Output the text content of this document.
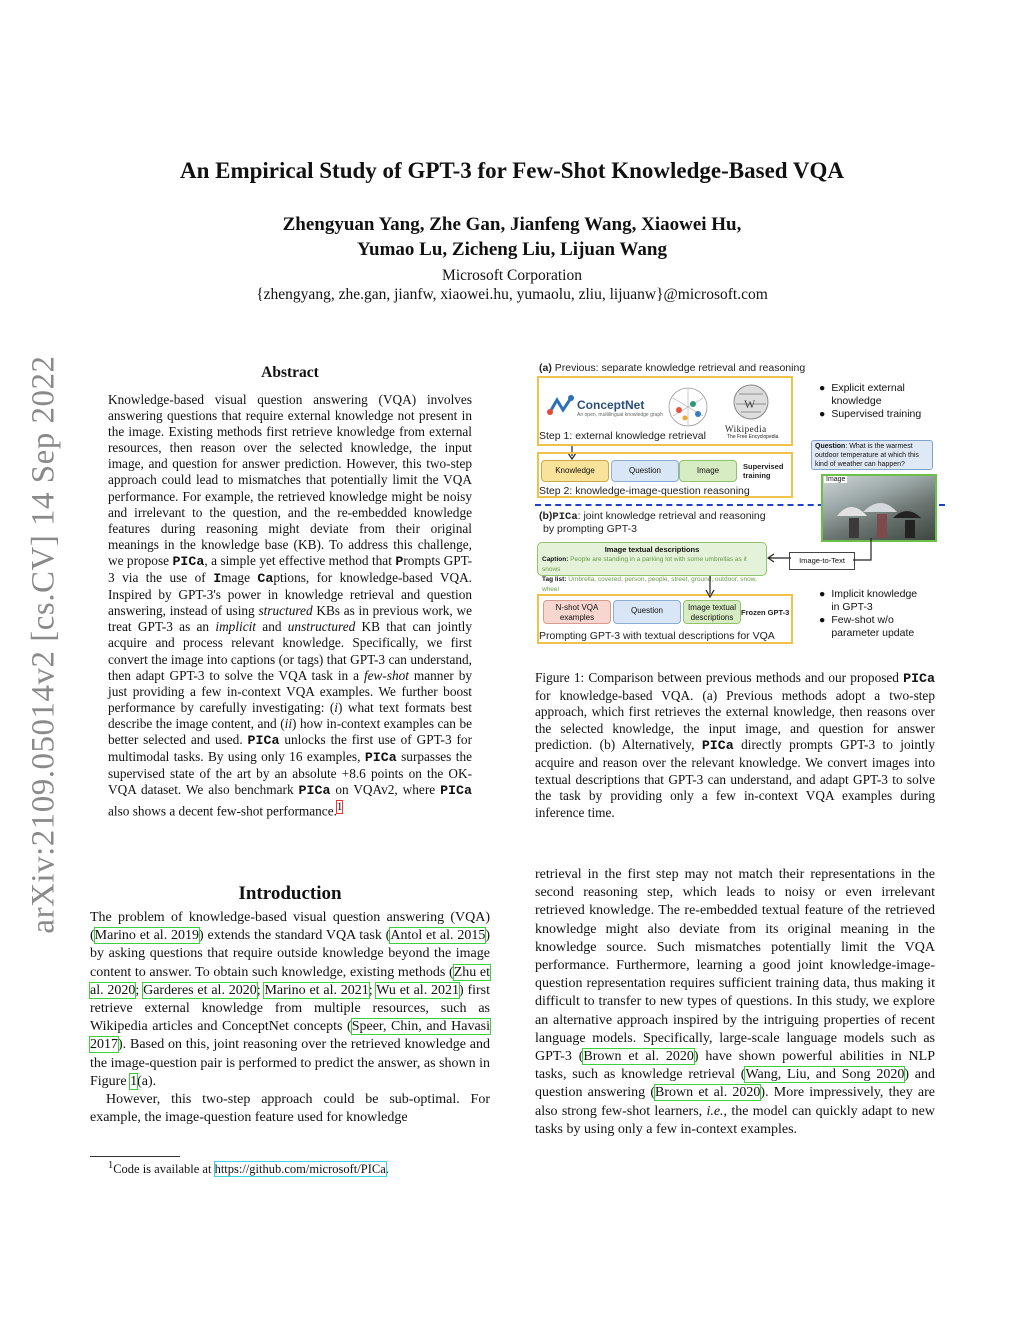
An Empirical Study of GPT-3 for Few-Shot Knowledge-Based VQA
Zhengyuan Yang, Zhe Gan, Jianfeng Wang, Xiaowei Hu,
Yumao Lu, Zicheng Liu, Lijuan Wang
Microsoft Corporation
{zhengyang, zhe.gan, jianfw, xiaowei.hu, yumaolu, zliu, lijuanw}@microsoft.com
arXiv:2109.05014v2 [cs.CV] 14 Sep 2022	Abstract

Knowledge-based visual question answering (VQA) involves answering questions that require external knowledge not present in the image. Existing methods first retrieve knowledge from external resources, then reason over the selected knowledge, the input image, and question for answer prediction. However, this two-step approach could lead to mismatches that potentially limit the VQA performance. For example, the retrieved knowledge might be noisy and irrelevant to the question, and the re-embedded knowledge features during reasoning might deviate from their original meanings in the knowledge base (KB). To address this challenge, we propose PICa, a simple yet effective method that Prompts GPT-3 via the use of Image Captions, for knowledge-based VQA. Inspired by GPT-3's power in knowledge retrieval and question answering, instead of using structured KBs as in previous work, we treat GPT-3 as an implicit and unstructured KB that can jointly acquire and process relevant knowledge. Specifically, we first convert the image into captions (or tags) that GPT-3 can understand, then adapt GPT-3 to solve the VQA task in a few-shot manner by just providing a few in-context VQA examples. We further boost performance by carefully investigating: (i) what text formats best describe the image content, and (ii) how in-context examples can be better selected and used. PICa unlocks the first use of GPT-3 for multimodal tasks. By using only 16 examples, PICa surpasses the supervised state of the art by an absolute +8.6 points on the OK-VQA dataset. We also benchmark PICa on VQAv2, where PICa also shows a decent few-shot performance.$^1$

Introduction

The problem of knowledge-based visual question answering (VQA) (Marino et al. 2019) extends the standard VQA task (Antol et al. 2015) by asking questions that require outside knowledge beyond the image content to answer. To obtain such knowledge, existing methods (Zhu et al. 2020; Garderes et al. 2020; Marino et al. 2021; Wu et al. 2021) first retrieve external knowledge from multiple resources, such as Wikipedia articles and ConceptNet concepts (Speer, Chin, and Havasi 2017). Based on this, joint reasoning over the retrieved knowledge and the image-question pair is performed to predict the answer, as shown in Figure 1(a).

However, this two-step approach could be sub-optimal. For example, the image-question feature used for knowledge

$^1$Code is available at https://github.com/microsoft/PICa.
(a) Previous: separate knowledge retrieval and reasoning
ConceptNet
An open, multilingual knowledge graph
W
Wikipedia
The Free Encyclopedia
Step 1: external knowledge retrieval
Knowledge	Question	Image	Supervised training
Step 2: knowledge-image-question reasoning
● Explicit external knowledge
● Supervised training
Question: What is the warmest outdoor temperature at which this kind of weather can happen?
Image
(b)PICa: joint knowledge retrieval and reasoning
by prompting GPT-3
Image textual descriptions
Caption: People are standing in a parking lot with some umbrellas as it snows
Tag list: Umbrella, covered, person, people, street, ground, outdoor, snow, wheel
Image-to-Text
N-shot VQA examples
Question	Image textual descriptions
Frozen GPT-3
Prompting GPT-3 with textual descriptions for VQA
● Implicit knowledge in GPT-3
● Few-shot w/o parameter update

Figure 1: Comparison between previous methods and our proposed PICa for knowledge-based VQA. (a) Previous methods adopt a two-step approach, which first retrieves the external knowledge, then reasons over the selected knowledge, the input image, and question for answer prediction. (b) Alternatively, PICa directly prompts GPT-3 to jointly acquire and reason over the relevant knowledge. We convert images into textual descriptions that GPT-3 can understand, and adapt GPT-3 to solve the task by providing only a few in-context VQA examples during inference time.

retrieval in the first step may not match their representations in the second reasoning step, which leads to noisy or even irrelevant retrieved knowledge. The re-embedded textual feature of the retrieved knowledge might also deviate from its original meaning in the knowledge source. Such mismatches potentially limit the VQA performance. Furthermore, learning a good joint knowledge-image-question representation requires sufficient training data, thus making it difficult to transfer to new types of questions. In this study, we explore an alternative approach inspired by the intriguing properties of recent language models. Specifically, large-scale language models such as GPT-3 (Brown et al. 2020) have shown powerful abilities in NLP tasks, such as knowledge retrieval (Wang, Liu, and Song 2020) and question answering (Brown et al. 2020). More impressively, they are also strong few-shot learners, i.e., the model can quickly adapt to new tasks by using only a few in-context examples.
